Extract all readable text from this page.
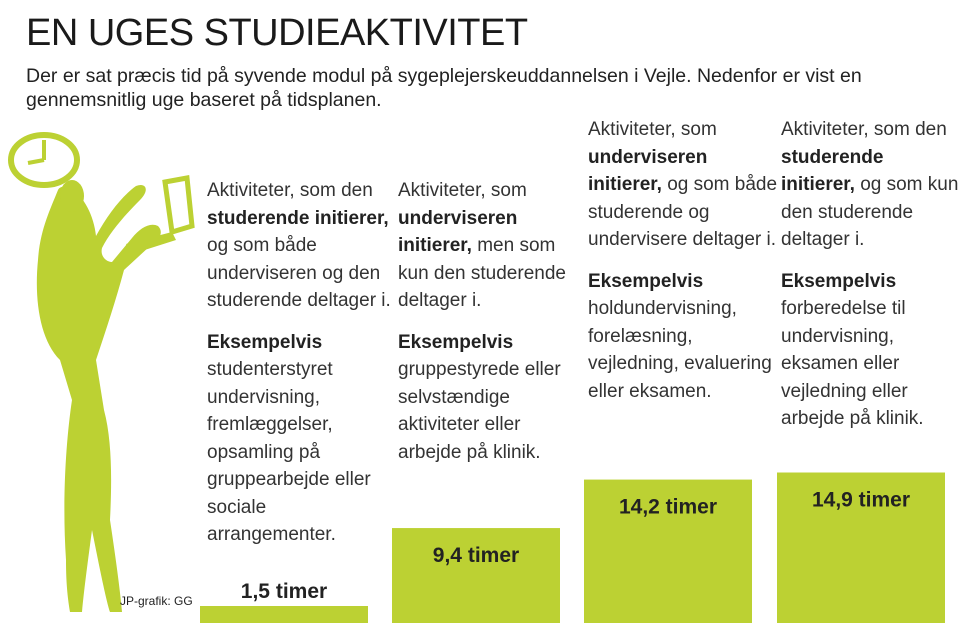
EN UGES STUDIEAKTIVITET
Der er sat præcis tid på syvende modul på sygeplejerskeuddannelsen i Vejle. Nedenfor er vist en gennemsnitlig uge baseret på tidsplanen.
1,5 timer
9,4 timer
14,2 timer	14,9 timer

Aktiviteter, som den studerende initierer, og som både underviseren og den studerende deltager i.

Eksempelvis
studenterstyret undervisning, fremlæggelser, opsamling på gruppearbejde eller sociale arrangementer.

Aktiviteter, som underviseren initierer, men som kun den studerende deltager i.

Eksempelvis
gruppestyrede eller selvstændige aktiviteter eller arbejde på klinik.

Aktiviteter, som underviseren initierer, og som både studerende og undervisere deltager i.

Eksempelvis
holdundervisning, forelæsning, vejledning, evaluering eller eksamen.

Aktiviteter, som den studerende initierer, og som kun den studerende deltager i.

Eksempelvis
forberedelse til undervisning, eksamen eller vejledning eller arbejde på klinik.

JP-grafik: GG
